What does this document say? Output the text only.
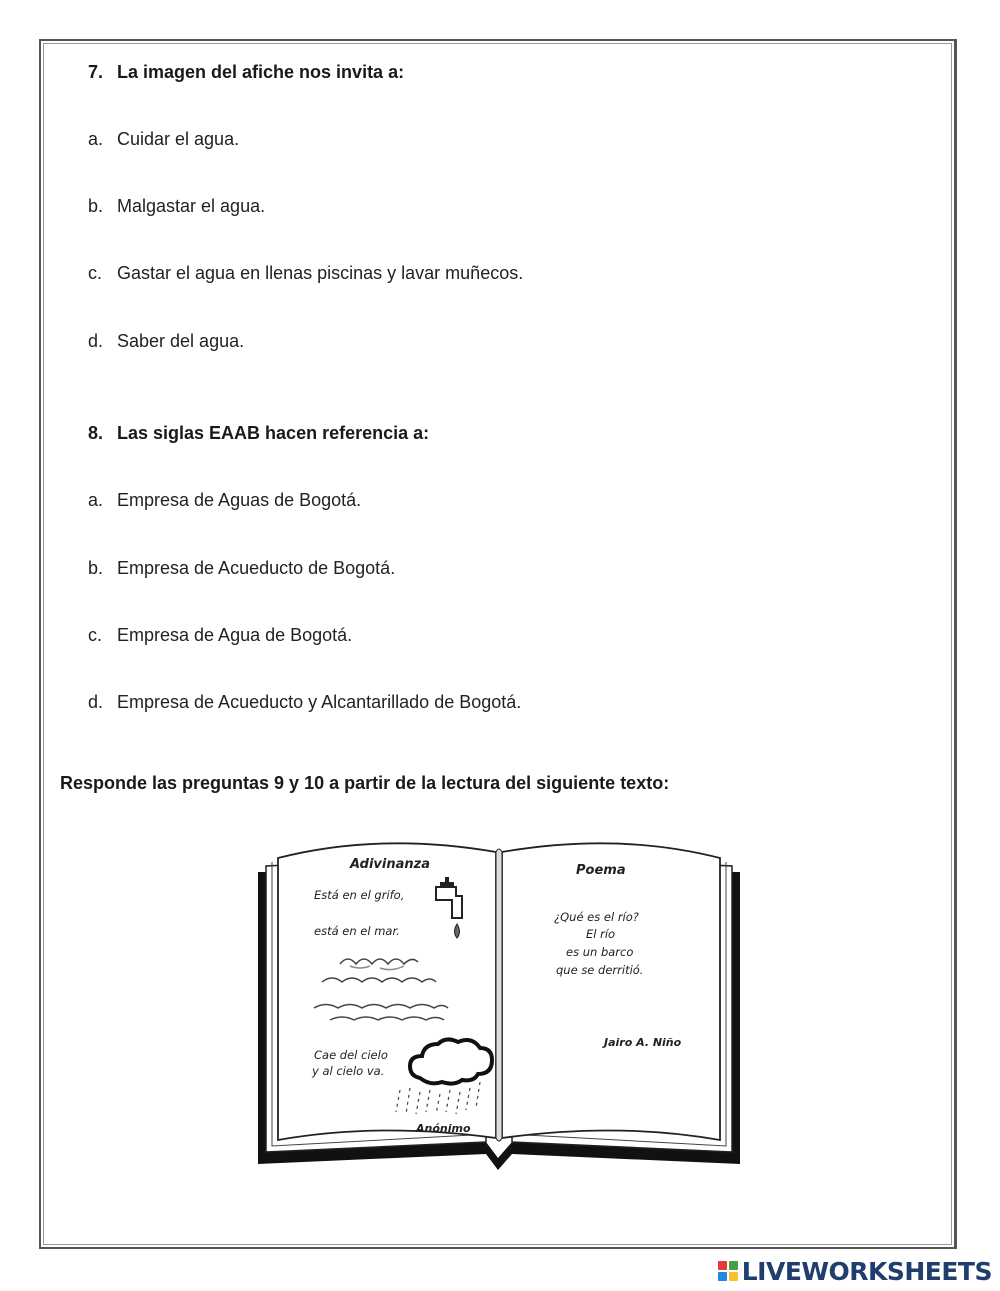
7. La imagen del afiche nos invita a:
a. Cuidar el agua.
b. Malgastar el agua.
c. Gastar el agua en llenas piscinas y lavar muñecos.
d. Saber del agua.
8. Las siglas EAAB hacen referencia a:
a. Empresa de Aguas de Bogotá.
b. Empresa de Acueducto de Bogotá.
c. Empresa de Agua de Bogotá.
d. Empresa de Acueducto y Alcantarillado de Bogotá.
Responde las preguntas 9 y 10 a partir de la lectura del siguiente texto:
Adivinanza
Está en el grifo,
está en el mar.
Cae del cielo
y al cielo va.
Anónimo
Poema
¿Qué es el río?
El río
es un barco
que se derritió.
Jairo A. Niño
LIVEWORKSHEETS
